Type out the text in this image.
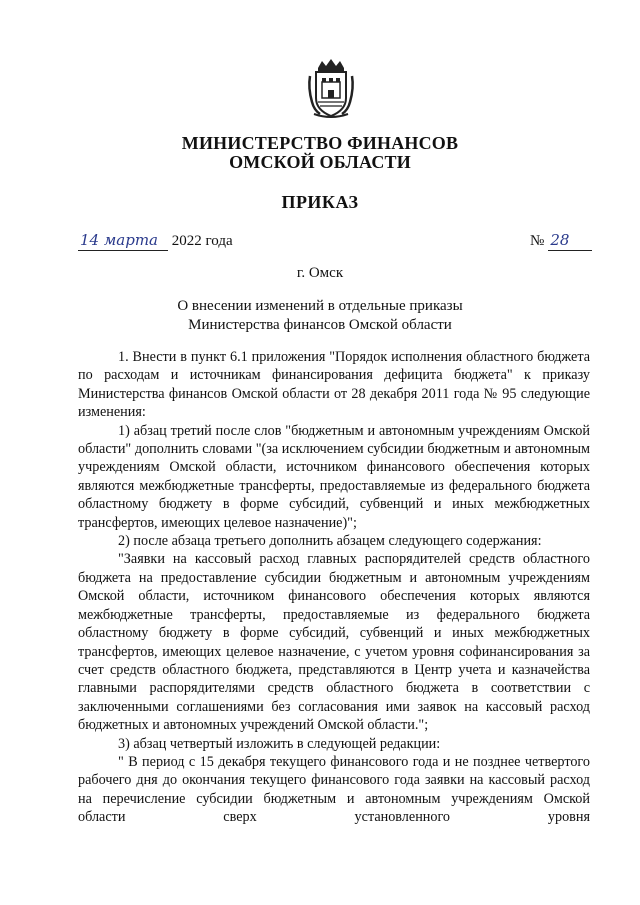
МИНИСТЕРСТВО ФИНАНСОВ
ОМСКОЙ ОБЛАСТИ
ПРИКАЗ
14 марта 2022 года	№ 28
г. Омск
О внесении изменений в отдельные приказы
Министерства финансов Омской области

1. Внести в пункт 6.1 приложения "Порядок исполнения областного бюджета по расходам и источникам финансирования дефицита бюджета" к приказу Министерства финансов Омской области от 28 декабря 2011 года № 95 следующие изменения:

1) абзац третий после слов "бюджетным и автономным учреждениям Омской области" дополнить словами "(за исключением субсидии бюджетным и автономным учреждениям Омской области, источником финансового обеспечения которых являются межбюджетные трансферты, предоставляемые из федерального бюджета областному бюджету в форме субсидий, субвенций и иных межбюджетных трансфертов, имеющих целевое назначение)";

2) после абзаца третьего дополнить абзацем следующего содержания:

"Заявки на кассовый расход главных распорядителей средств областного бюджета на предоставление субсидии бюджетным и автономным учреждениям Омской области, источником финансового обеспечения которых являются межбюджетные трансферты, предоставляемые из федерального бюджета областному бюджету в форме субсидий, субвенций и иных межбюджетных трансфертов, имеющих целевое назначение, с учетом уровня софинансирования за счет средств областного бюджета, представляются в Центр учета и казначейства главными распорядителями средств областного бюджета в соответствии с заключенными соглашениями без согласования ими заявок на кассовый расход бюджетных и автономных учреждений Омской области.";

3) абзац четвертый изложить в следующей редакции:

" В период с 15 декабря текущего финансового года и не позднее четвертого рабочего дня до окончания текущего финансового года заявки на кассовый расход на перечисление субсидии бюджетным и автономным учреждениям Омской области сверх установленного уровня
